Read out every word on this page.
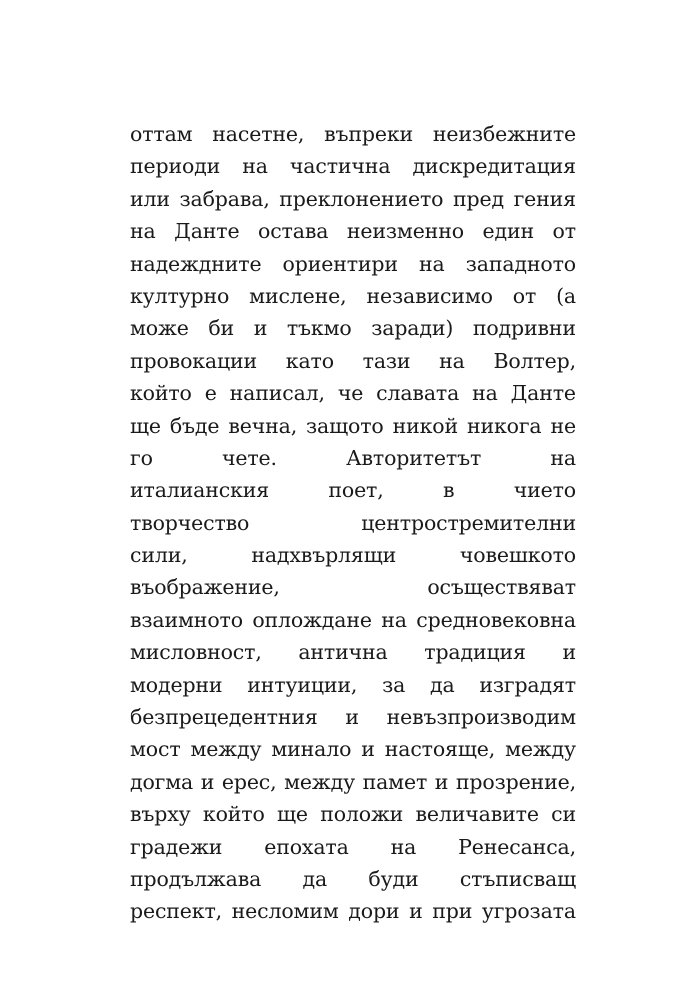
оттам насетне, въпреки неизбежните
периоди на частична дискредитация
или забрава, преклонението пред гения
на Данте остава неизменно един от
надеждните ориентири на западното
културно мислене, независимо от (а
може би и тъкмо заради) подривни
провокации като тази на Волтер,
който е написал, че славата на Данте
ще бъде вечна, защото никой никога не
го	чете.	Авторитетът	на
италианския	поет,	в	чието
творчество	центростремителни
сили,	надхвърлящи	човешкото
въображение,	осъществяват
взаимното оплождане на средновековна
мисловност, антична традиция и
модерни интуиции, за да изградят
безпрецедентния и невъзпроизводим
мост между минало и настояще, между
догма и ерес, между памет и прозрение,
върху който ще положи величавите си
градежи епохата на Ренесанса,
продължава да буди стъписващ
респект, несломим дори и при угрозата
